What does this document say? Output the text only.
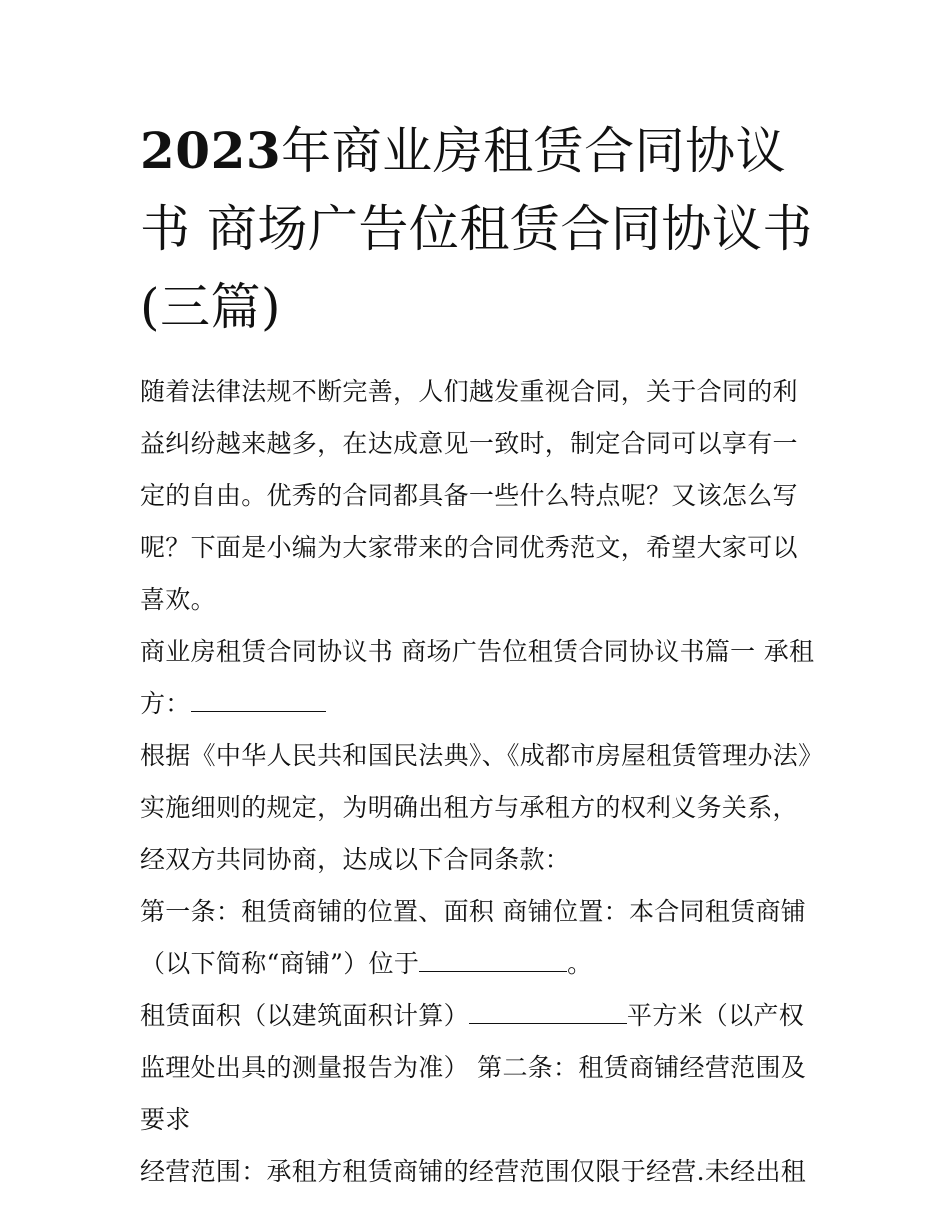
2023年商业房租赁合同协议书 商场广告位租赁合同协议书(三篇)

随着法律法规不断完善，人们越发重视合同，关于合同的利益纠纷越来越多，在达成意见一致时，制定合同可以享有一定的自由。优秀的合同都具备一些什么特点呢？又该怎么写呢？下面是小编为大家带来的合同优秀范文，希望大家可以喜欢。

商业房租赁合同协议书 商场广告位租赁合同协议书篇一 承租方：

根据《中华人民共和国民法典》、《成都市房屋租赁管理办法》实施细则的规定，为明确出租方与承租方的权利义务关系，经双方共同协商，达成以下合同条款：

第一条：租赁商铺的位置、面积 商铺位置：本合同租赁商铺（以下简称“商铺”）位于	。

租赁面积（以建筑面积计算）	平方米（以产权监理处出具的测量报告为准） 第二条：租赁商铺经营范围及要求

经营范围：承租方租赁商铺的经营范围仅限于经营.未经出租
